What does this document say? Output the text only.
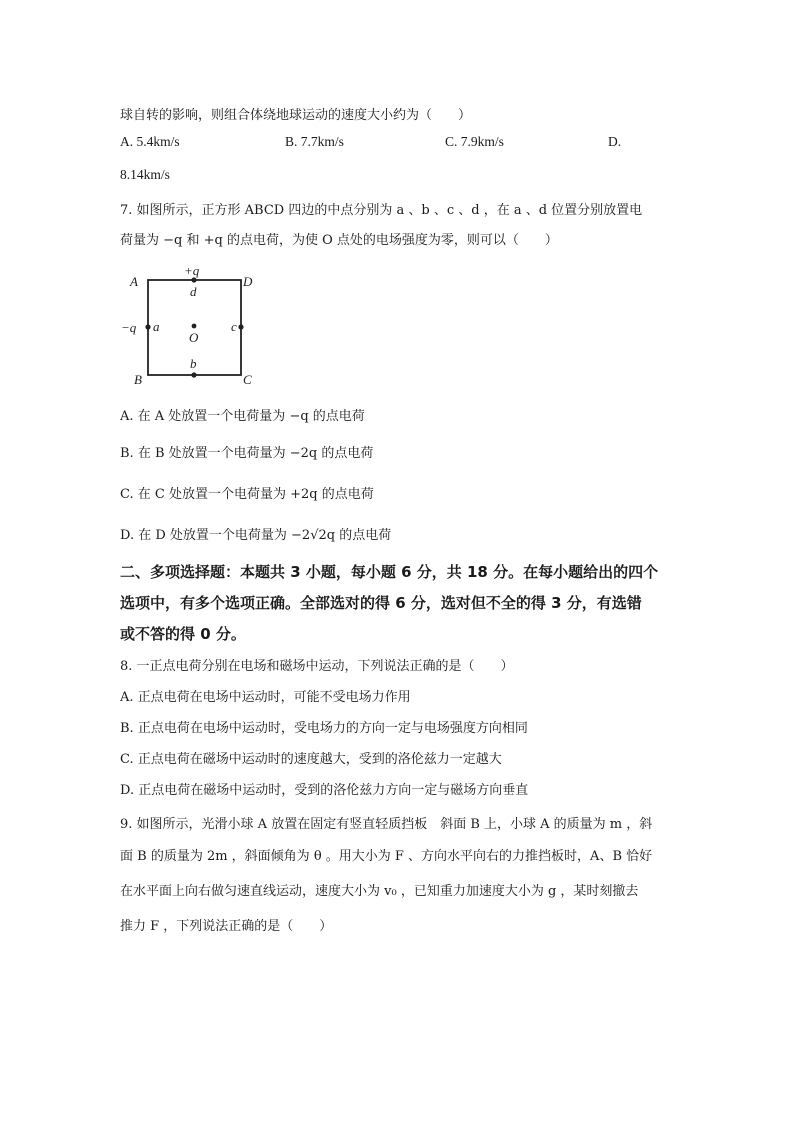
球自转的影响，则组合体绕地球运动的速度大小约为（　　）
A. 5.4km/s	B. 7.7km/s	C. 7.9km/s	D.
8.14km/s
7. 如图所示，正方形 ABCD 四边的中点分别为 a 、b 、c 、d ，在 a 、d 位置分别放置电
荷量为 −q 和 +q 的点电荷，为使 O 点处的电场强度为零，则可以（　　）
A	D
B	C
+q
d
−q a	c
O
b
A. 在 A 处放置一个电荷量为 −q 的点电荷
B. 在 B 处放置一个电荷量为 −2q 的点电荷
C. 在 C 处放置一个电荷量为 +2q 的点电荷
D. 在 D 处放置一个电荷量为 −2√2q 的点电荷
二、多项选择题：本题共 3 小题，每小题 6 分，共 18 分。在每小题给出的四个
选项中，有多个选项正确。全部选对的得 6 分，选对但不全的得 3 分，有选错
或不答的得 0 分。
8. 一正点电荷分别在电场和磁场中运动，下列说法正确的是（　　）
A. 正点电荷在电场中运动时，可能不受电场力作用
B. 正点电荷在电场中运动时，受电场力的方向一定与电场强度方向相同
C. 正点电荷在磁场中运动时的速度越大，受到的洛伦兹力一定越大
D. 正点电荷在磁场中运动时，受到的洛伦兹力方向一定与磁场方向垂直
9. 如图所示，光滑小球 A 放置在固定有竖直轻质挡板　斜面 B 上，小球 A 的质量为 m ，斜
面 B 的质量为 2m ，斜面倾角为 θ 。用大小为 F 、方向水平向右的力推挡板时，A、B 恰好
在水平面上向右做匀速直线运动，速度大小为 v₀ ，已知重力加速度大小为 g ，某时刻撤去
推力 F ，下列说法正确的是（　　）
